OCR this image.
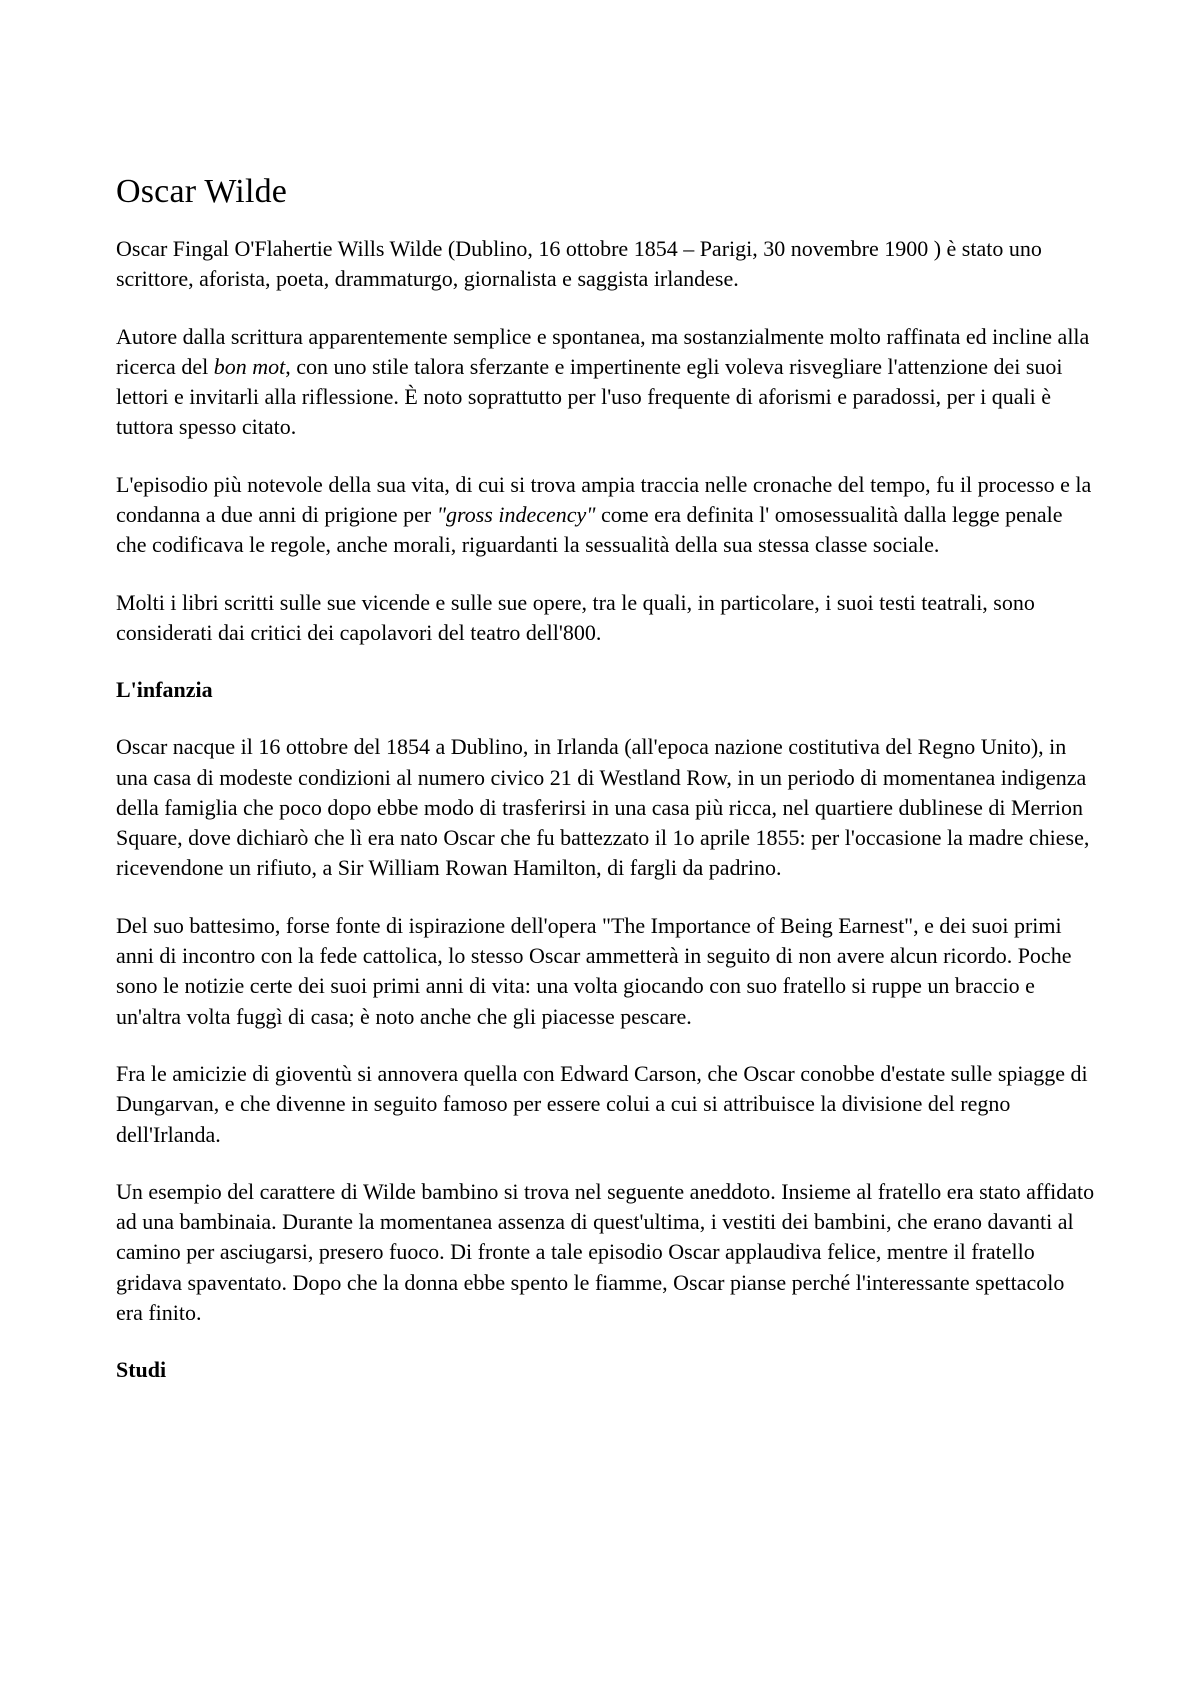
Oscar Wilde

Oscar Fingal O'Flahertie Wills Wilde (Dublino, 16 ottobre 1854 – Parigi, 30 novembre 1900 ) è stato uno scrittore, aforista, poeta, drammaturgo, giornalista e saggista irlandese.

Autore dalla scrittura apparentemente semplice e spontanea, ma sostanzialmente molto raffinata ed incline alla ricerca del bon mot, con uno stile talora sferzante e impertinente egli voleva risvegliare l'attenzione dei suoi lettori e invitarli alla riflessione. È noto soprattutto per l'uso frequente di aforismi e paradossi, per i quali è tuttora spesso citato.

L'episodio più notevole della sua vita, di cui si trova ampia traccia nelle cronache del tempo, fu il processo e la condanna a due anni di prigione per "gross indecency" come era definita l' omosessualità dalla legge penale che codificava le regole, anche morali, riguardanti la sessualità della sua stessa classe sociale.

Molti i libri scritti sulle sue vicende e sulle sue opere, tra le quali, in particolare, i suoi testi teatrali, sono considerati dai critici dei capolavori del teatro dell'800.

L'infanzia

Oscar nacque il 16 ottobre del 1854 a Dublino, in Irlanda (all'epoca nazione costitutiva del Regno Unito), in una casa di modeste condizioni al numero civico 21 di Westland Row, in un periodo di momentanea indigenza della famiglia che poco dopo ebbe modo di trasferirsi in una casa più ricca, nel quartiere dublinese di Merrion Square, dove dichiarò che lì era nato Oscar che fu battezzato il 1o aprile 1855: per l'occasione la madre chiese, ricevendone un rifiuto, a Sir William Rowan Hamilton, di fargli da padrino.

Del suo battesimo, forse fonte di ispirazione dell'opera "The Importance of Being Earnest", e dei suoi primi anni di incontro con la fede cattolica, lo stesso Oscar ammetterà in seguito di non avere alcun ricordo. Poche sono le notizie certe dei suoi primi anni di vita: una volta giocando con suo fratello si ruppe un braccio e un'altra volta fuggì di casa; è noto anche che gli piacesse pescare.

Fra le amicizie di gioventù si annovera quella con Edward Carson, che Oscar conobbe d'estate sulle spiagge di Dungarvan, e che divenne in seguito famoso per essere colui a cui si attribuisce la divisione del regno dell'Irlanda.

Un esempio del carattere di Wilde bambino si trova nel seguente aneddoto. Insieme al fratello era stato affidato ad una bambinaia. Durante la momentanea assenza di quest'ultima, i vestiti dei bambini, che erano davanti al camino per asciugarsi, presero fuoco. Di fronte a tale episodio Oscar applaudiva felice, mentre il fratello gridava spaventato. Dopo che la donna ebbe spento le fiamme, Oscar pianse perché l'interessante spettacolo era finito.

Studi
